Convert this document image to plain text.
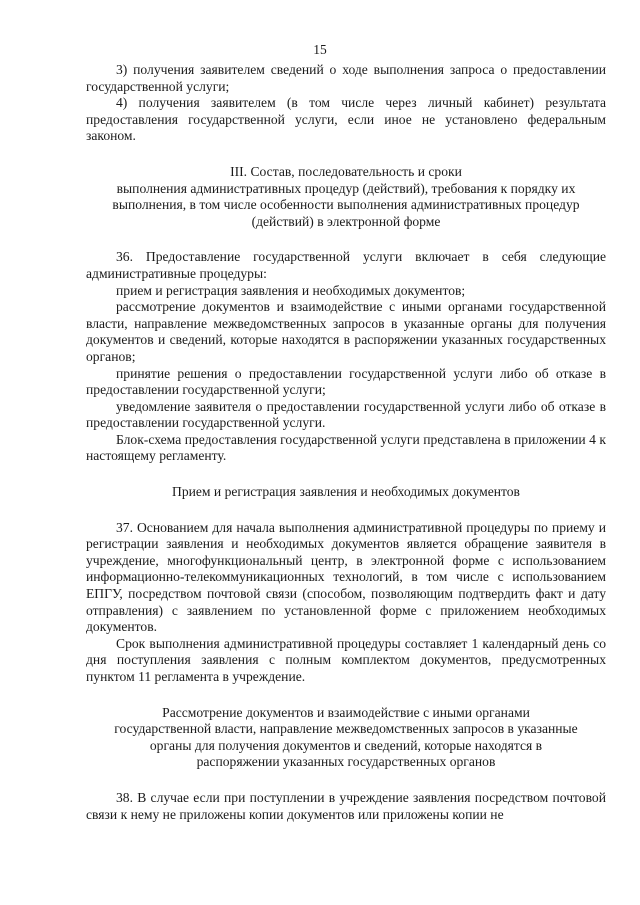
15

3) получения заявителем сведений о ходе выполнения запроса о предоставлении государственной услуги;

4) получения заявителем (в том числе через личный кабинет) результата предоставления государственной услуги, если иное не установлено федеральным законом.

III. Состав, последовательность и сроки
выполнения административных процедур (действий), требования к порядку их
выполнения, в том числе особенности выполнения административных процедур
(действий) в электронной форме

36. Предоставление государственной услуги включает в себя следующие административные процедуры:

прием и регистрация заявления и необходимых документов;

рассмотрение документов и взаимодействие с иными органами государственной власти, направление межведомственных запросов в указанные органы для получения документов и сведений, которые находятся в распоряжении указанных государственных органов;

принятие решения о предоставлении государственной услуги либо об отказе в предоставлении государственной услуги;

уведомление заявителя о предоставлении государственной услуги либо об отказе в предоставлении государственной услуги.

Блок-схема предоставления государственной услуги представлена в приложении 4 к настоящему регламенту.

Прием и регистрация заявления и необходимых документов

37. Основанием для начала выполнения административной процедуры по приему и регистрации заявления и необходимых документов является обращение заявителя в учреждение, многофункциональный центр, в электронной форме с использованием информационно-телекоммуникационных технологий, в том числе с использованием ЕПГУ, посредством почтовой связи (способом, позволяющим подтвердить факт и дату отправления) с заявлением по установленной форме с приложением необходимых документов.

Срок выполнения административной процедуры составляет 1 календарный день со дня поступления заявления с полным комплектом документов, предусмотренных пунктом 11 регламента в учреждение.

Рассмотрение документов и взаимодействие с иными органами
государственной власти, направление межведомственных запросов в указанные
органы для получения документов и сведений, которые находятся в
распоряжении указанных государственных органов

38. В случае если при поступлении в учреждение заявления посредством почтовой связи к нему не приложены копии документов или приложены копии не
